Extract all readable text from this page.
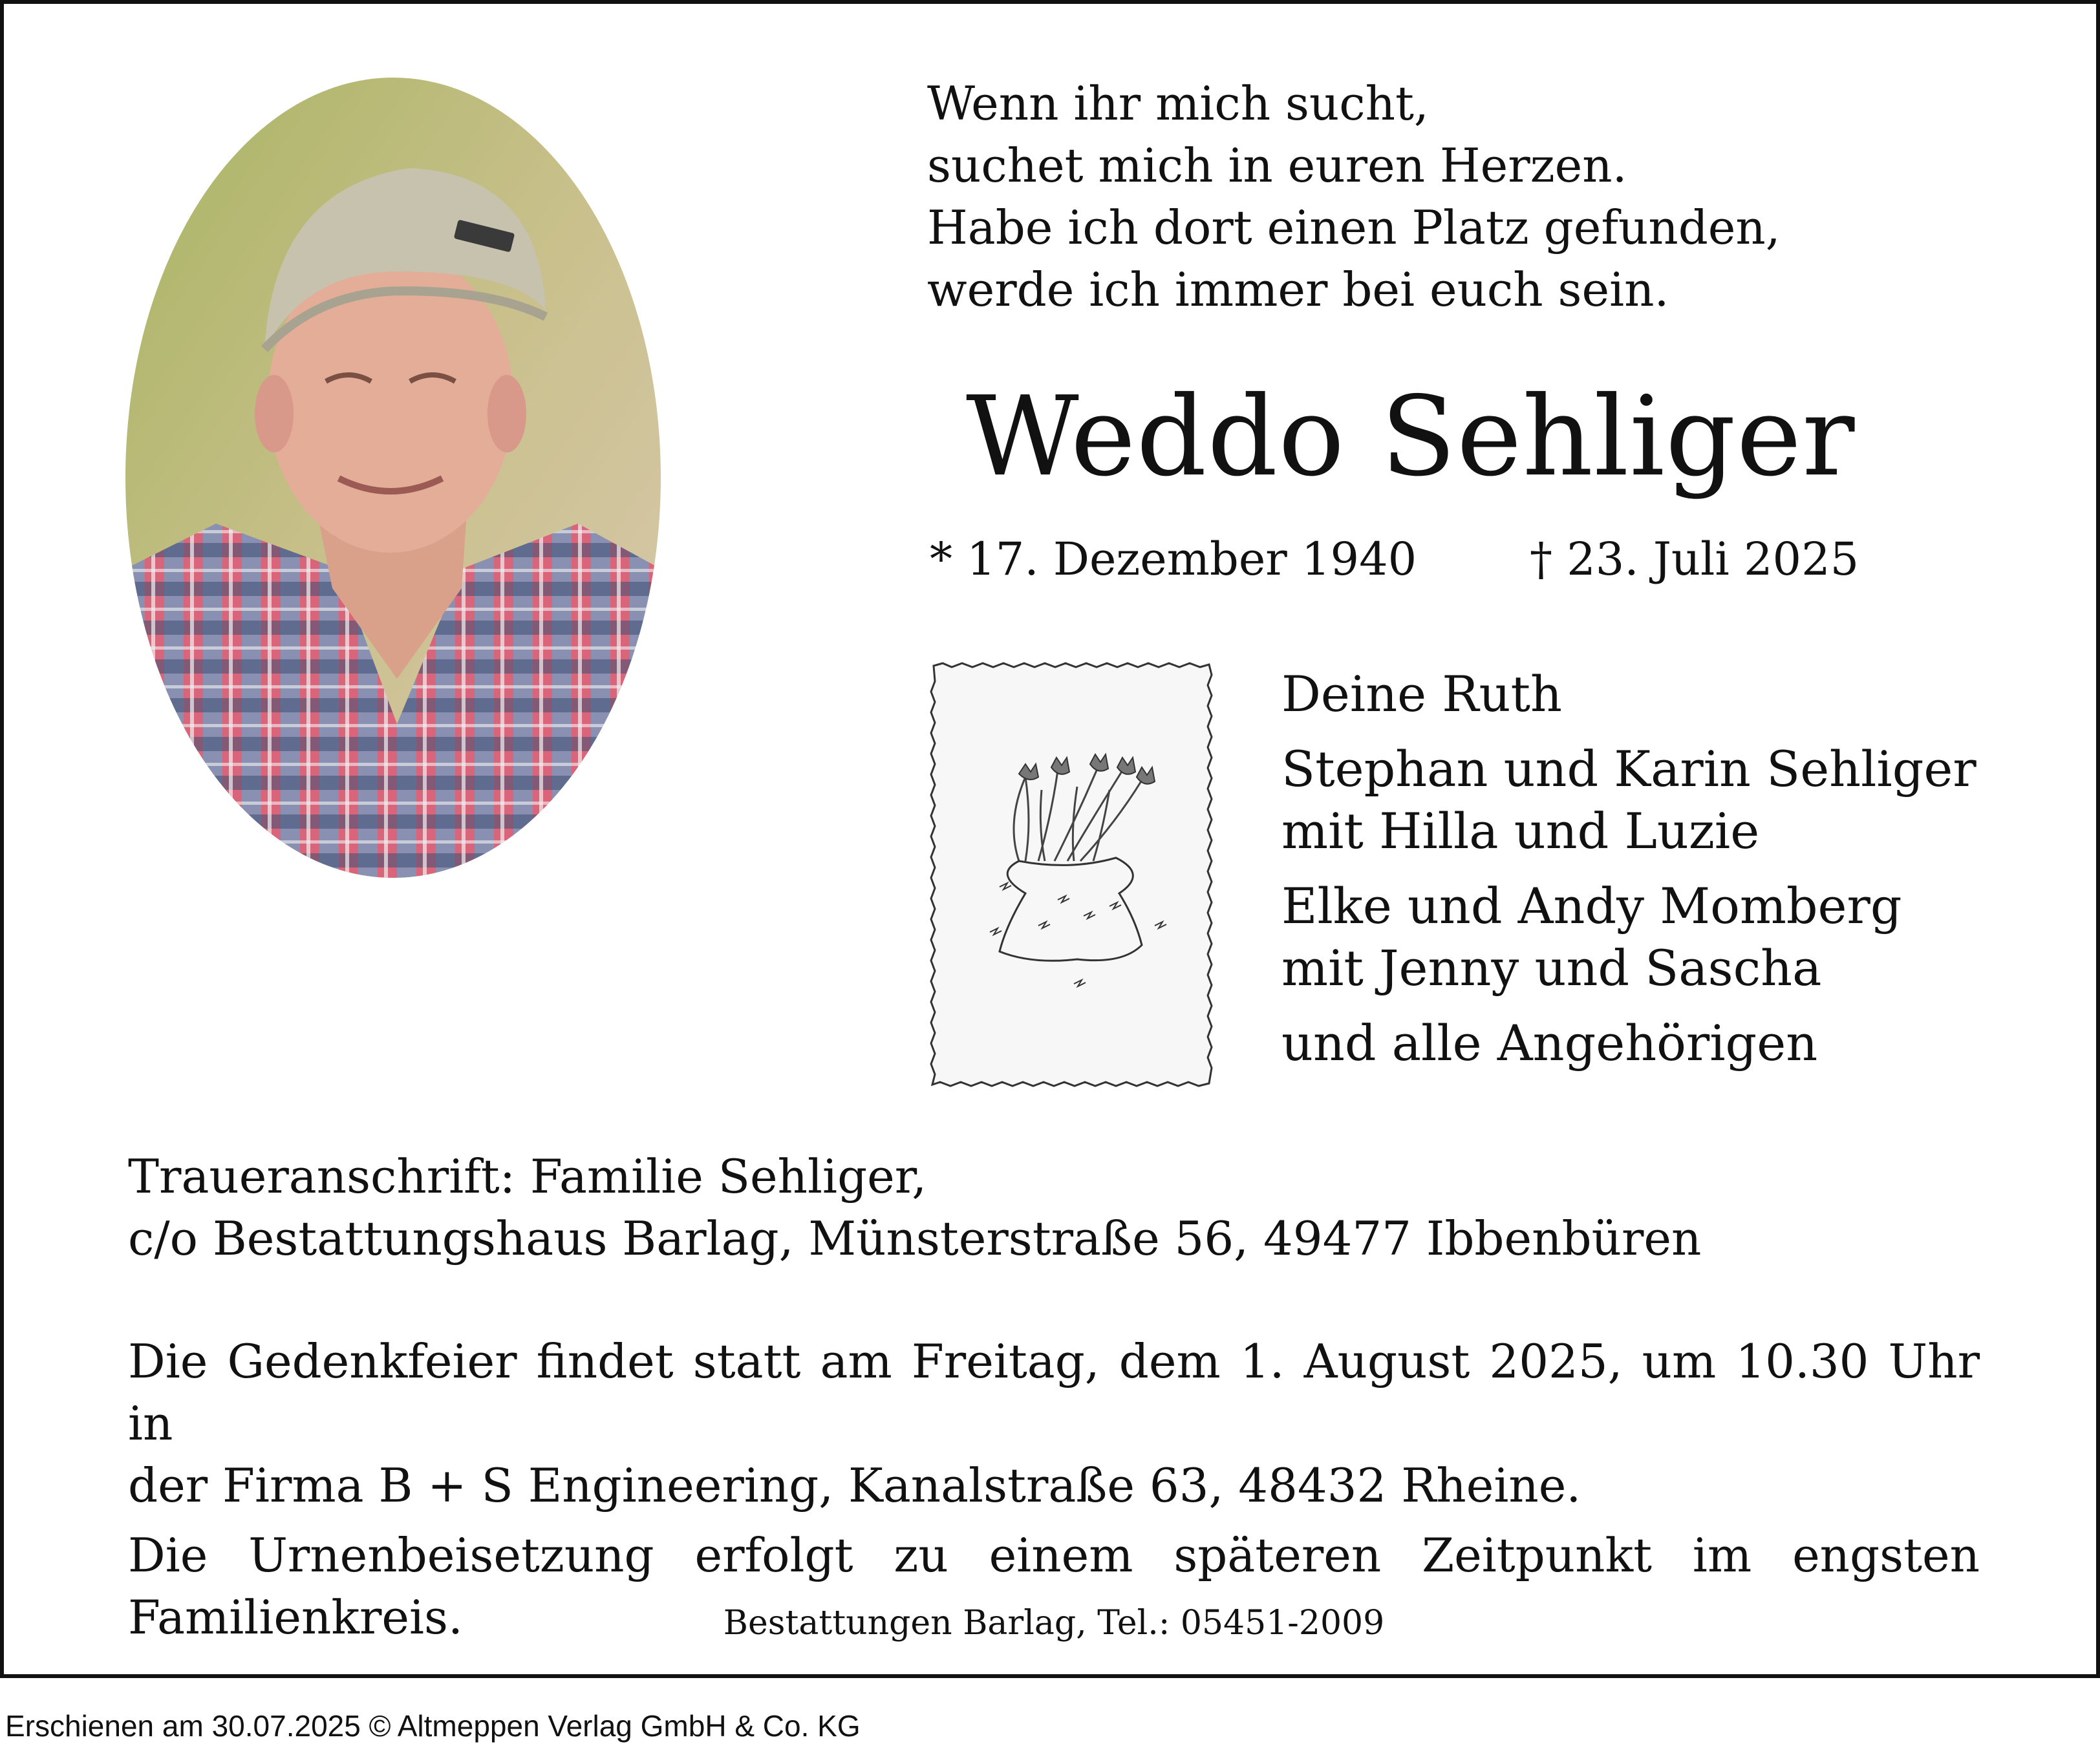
Wenn ihr mich sucht,
suchet mich in euren Herzen.
Habe ich dort einen Platz gefunden,
werde ich immer bei euch sein.
Weddo Sehliger
* 17. Dezember 1940 † 23. Juli 2025
Deine Ruth
Stephan und Karin Sehliger
mit Hilla und Luzie
Elke und Andy Momberg
mit Jenny und Sascha
und alle Angehörigen
Traueranschrift: Familie Sehliger,
c/o Bestattungshaus Barlag, Münsterstraße 56, 49477 Ibbenbüren
Die Gedenkfeier findet statt am Freitag, dem 1. August 2025, um 10.30 Uhr in
der Firma B + S Engineering, Kanalstraße 63, 48432 Rheine.
Die Urnenbeisetzung erfolgt zu einem späteren Zeitpunkt im engsten
Familienkreis.	Bestattungen Barlag, Tel.: 05451-2009
Erschienen am 30.07.2025 © Altmeppen Verlag GmbH & Co. KG
